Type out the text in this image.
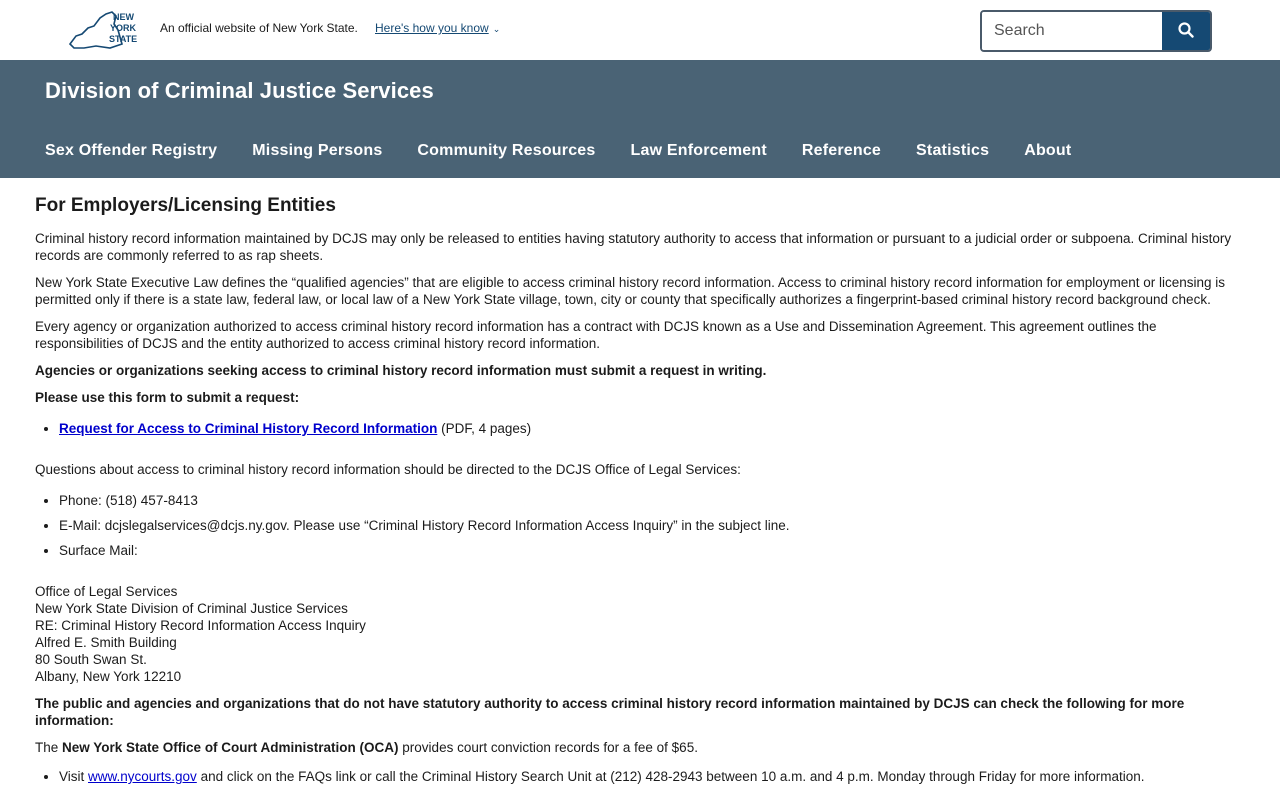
NEW
YORK
STATE
An official website of New York State. Here's how you know ⌄
Search
Division of Criminal Justice Services
Sex Offender Registry Missing Persons Community Resources Law Enforcement Reference Statistics About
For Employers/Licensing Entities

Criminal history record information maintained by DCJS may only be released to entities having statutory authority to access that information or pursuant to a judicial order or subpoena. Criminal history records are commonly referred to as rap sheets.

New York State Executive Law defines the “qualified agencies” that are eligible to access criminal history record information. Access to criminal history record information for employment or licensing is permitted only if there is a state law, federal law, or local law of a New York State village, town, city or county that specifically authorizes a fingerprint-based criminal history record background check.

Every agency or organization authorized to access criminal history record information has a contract with DCJS known as a Use and Dissemination Agreement. This agreement outlines the responsibilities of DCJS and the entity authorized to access criminal history record information.

Agencies or organizations seeking access to criminal history record information must submit a request in writing.

Please use this form to submit a request:

• Request for Access to Criminal History Record Information (PDF, 4 pages)

Questions about access to criminal history record information should be directed to the DCJS Office of Legal Services:

• Phone: (518) 457-8413
• E-Mail: dcjslegalservices@dcjs.ny.gov. Please use “Criminal History Record Information Access Inquiry” in the subject line.
• Surface Mail:
Office of Legal Services
New York State Division of Criminal Justice Services
RE: Criminal History Record Information Access Inquiry
Alfred E. Smith Building
80 South Swan St.
Albany, New York 12210

The public and agencies and organizations that do not have statutory authority to access criminal history record information maintained by DCJS can check the following for more information:

The New York State Office of Court Administration (OCA) provides court conviction records for a fee of $65.

• Visit www.nycourts.gov and click on the FAQs link or call the Criminal History Search Unit at (212) 428-2943 between 10 a.m. and 4 p.m. Monday through Friday for more information.
